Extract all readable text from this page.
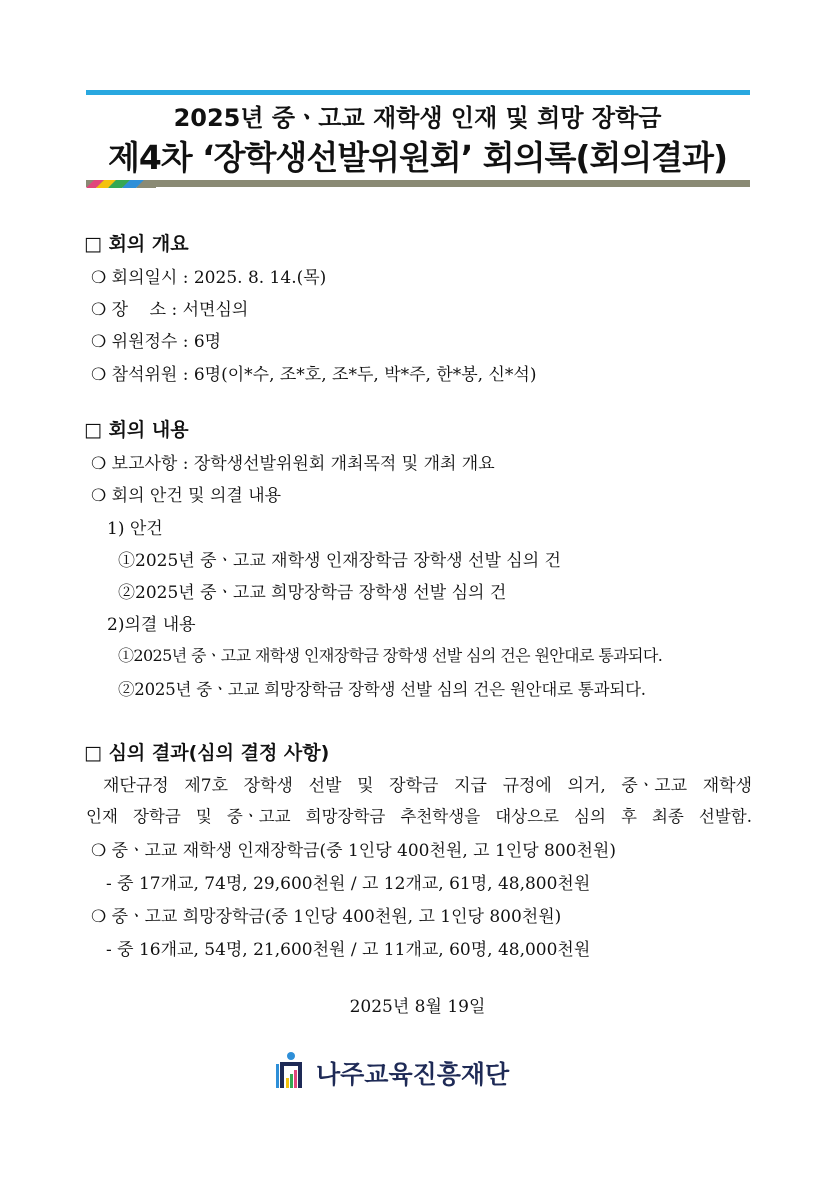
2025년 중ㆍ고교 재학생 인재 및 희망 장학금
제4차 ‘장학생선발위원회’ 회의록(회의결과)
□ 회의 개요
❍ 회의일시 : 2025. 8. 14.(목)
❍ 장    소 : 서면심의
❍ 위원정수 : 6명
❍ 참석위원 : 6명(이*수, 조*호, 조*두, 박*주, 한*봉, 신*석)
□ 회의 내용
❍ 보고사항 : 장학생선발위원회 개최목적 및 개최 개요
❍ 회의 안건 및 의결 내용
1) 안건
①2025년 중ㆍ고교 재학생 인재장학금 장학생 선발 심의 건
②2025년 중ㆍ고교 희망장학금 장학생 선발 심의 건
2)의결 내용
①2025년 중ㆍ고교 재학생 인재장학금 장학생 선발 심의 건은 원안대로 통과되다.
②2025년 중ㆍ고교 희망장학금 장학생 선발 심의 건은 원안대로 통과되다.
□ 심의 결과(심의 결정 사항)
재단규정 제7호 장학생 선발 및 장학금 지급 규정에 의거, 중ㆍ고교 재학생
인재 장학금 및 중ㆍ고교 희망장학금 추천학생을 대상으로 심의 후 최종 선발함.
❍ 중ㆍ고교 재학생 인재장학금(중 1인당 400천원, 고 1인당 800천원)
- 중 17개교, 74명, 29,600천원 / 고 12개교, 61명, 48,800천원
❍ 중ㆍ고교 희망장학금(중 1인당 400천원, 고 1인당 800천원)
- 중 16개교, 54명, 21,600천원 / 고 11개교, 60명, 48,000천원
2025년 8월 19일
나주교육진흥재단
